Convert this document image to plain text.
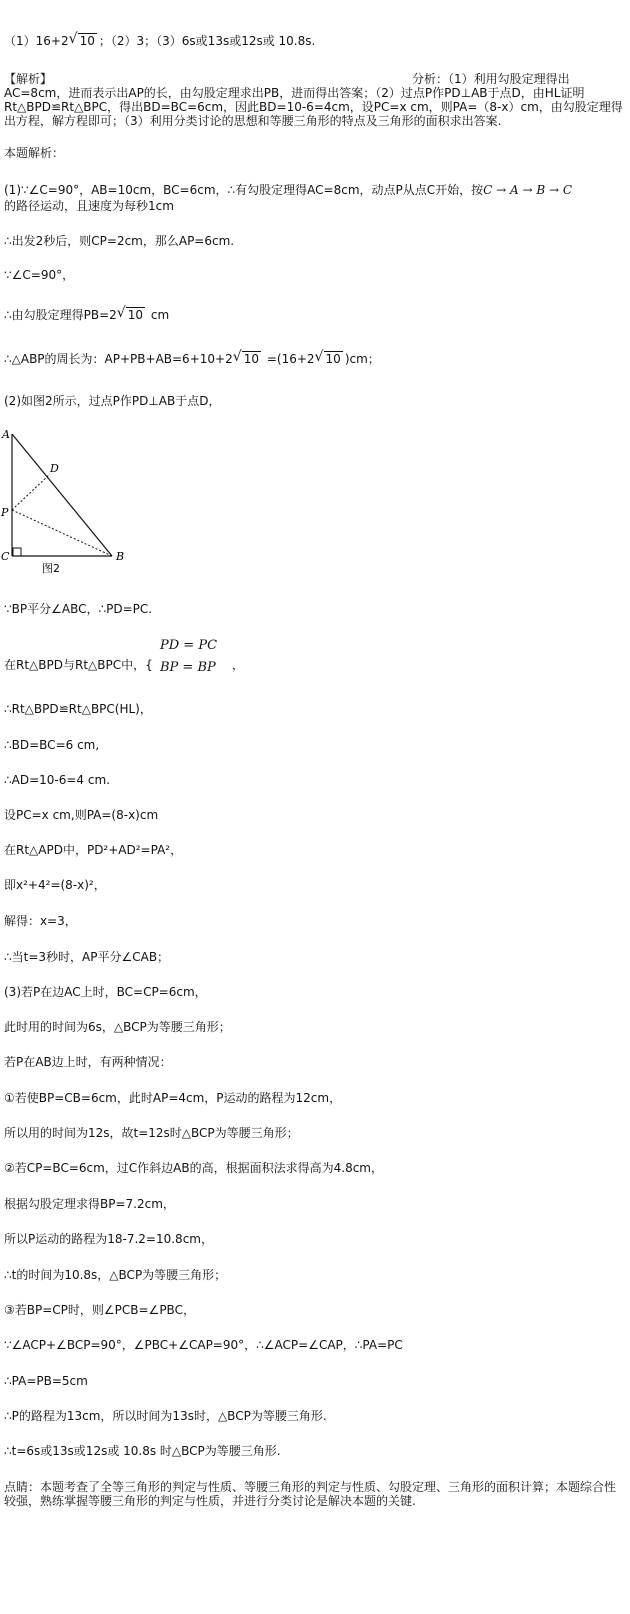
（1）16+2 √ 10 ；（2）3；（3）6s或13s或12s或 10.8s.
【解析】	分析：（1）利用勾股定理得出
AC=8cm，进而表示出AP的长，由勾股定理求出PB，进而得出答案；（2）过点P作PD⊥AB于点D，由HL证明Rt△BPD≌Rt△BPC，得出BD=BC=6cm，因此BD=10-6=4cm，设PC=x cm，则PA=（8-x）cm，由勾股定理得出方程，解方程即可；（3）利用分类讨论的思想和等腰三角形的特点及三角形的面积求出答案.
本题解析：
(1)∵∠C=90°，AB=10cm，BC=6cm，∴有勾股定理得AC=8cm，动点P从点C开始，按C → A → B → C
的路径运动，且速度为每秒1cm
∴出发2秒后，则CP=2cm，那么AP=6cm.
∵∠C=90°，
∴由勾股定理得PB=2 √ 10 cm
∴△ABP的周长为：AP+PB+AB=6+10+2 √ 10 =(16+2 √ 10 )cm；
(2)如图2所示，过点P作PD⊥AB于点D，
A
D
P
C	B
图2
∵BP平分∠ABC，∴PD=PC.
在Rt△BPD与Rt△BPC中，{
PD = PC
BP = BP ，
∴Rt△BPD≌Rt△BPC(HL)，
∴BD=BC=6 cm,
∴AD=10-6=4 cm.
设PC=x cm,则PA=(8-x)cm
在Rt△APD中，PD²+AD²=PA²，
即x²+4²=(8-x)²，
解得：x=3，
∴当t=3秒时，AP平分∠CAB；
(3)若P在边AC上时，BC=CP=6cm，
此时用的时间为6s，△BCP为等腰三角形；
若P在AB边上时，有两种情况：
①若使BP=CB=6cm，此时AP=4cm，P运动的路程为12cm，
所以用的时间为12s，故t=12s时△BCP为等腰三角形；
②若CP=BC=6cm，过C作斜边AB的高，根据面积法求得高为4.8cm，
根据勾股定理求得BP=7.2cm，
所以P运动的路程为18-7.2=10.8cm，
∴t的时间为10.8s，△BCP为等腰三角形；
③若BP=CP时，则∠PCB=∠PBC，
∵∠ACP+∠BCP=90°，∠PBC+∠CAP=90°，∴∠ACP=∠CAP，∴PA=PC
∴PA=PB=5cm
∴P的路程为13cm，所以时间为13s时，△BCP为等腰三角形.
∴t=6s或13s或12s或 10.8s 时△BCP为等腰三角形.
点睛：本题考查了全等三角形的判定与性质、等腰三角形的判定与性质、勾股定理、三角形的面积计算；本题综合性较强，熟练掌握等腰三角形的判定与性质，并进行分类讨论是解决本题的关键.
